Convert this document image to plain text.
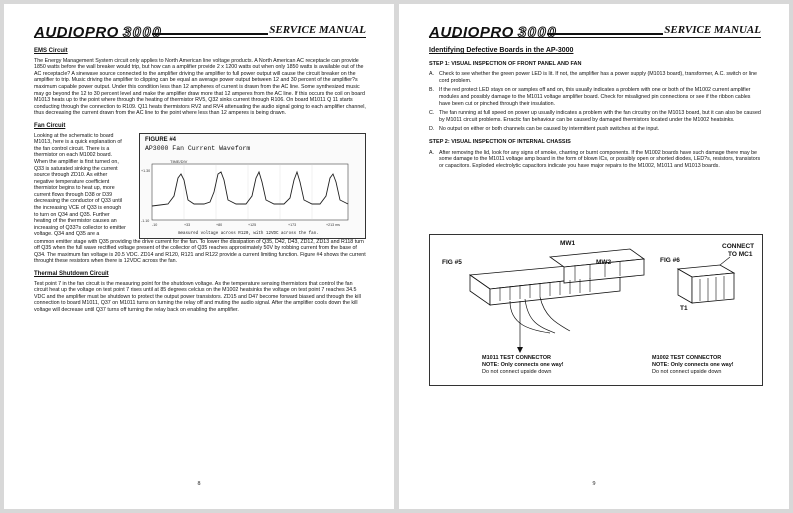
AUDIOPRO 3000	SERVICE MANUAL
EMS Circuit

The Energy Management System circuit only applies to North American line voltage products. A North American AC receptacle can provide 1850 watts before the wall breaker would trip, but how can a amplifier provide 2 x 1200 watts out when only 1850 watts is available out of the AC receptacle? A sinewave source connected to the amplifier driving the amplifier to full power output will cause the circuit breaker on the amplifier to trip. Music driving the amplifier to clipping can be equal an average power output between 12 and 30 percent of the amplifier?s maximum capable power output. Under this condition less than 12 ampheres of current is drawn from the AC line. Some synthesized music may go beyond the 12 to 30 percent level and make the amplifier draw more that 12 amperes from the AC line. If this occurs the coil on board M1013 heats up to the point where through the heating of thermistor RV5, Q32 sinks current through R106. On board M1011 Q 11 starts conducting through the connection to R109. Q11 heats thermistors RV2 and RV4 attenuating the audio signal going to each amplifier channel, thus decreasing the current drawn from the AC line to the point where less than 12 amperes is being drawn.

Fan Circuit
TIME/DIV
+1.30
-1.10
-10	+33	+80	+125	+173	+213 ms
measured voltage across R120, with 12VDC across the fan.
FIGURE #4
AP3000 Fan Current Waveform
Looking at the schematic to board M1013, here is a quick explanation of the fan control circuit. There is a thermistor on each M1002 board. When the amplifier is first turned on, Q33 is saturated sinking the current source through ZD10. As either negative temperature coefficient thermistor begins to heat up, more current flows through D38 or D39 decreasing the conductor of Q33 until the increasing VCE of Q33 is enough to turn on Q34 and Q35. Further heating of the thermistor causes an increasing of Q33?s collector to emitter voltage. Q34 and Q35 are a

common emitter stage with Q35 providing the drive current for the fan. To lower the dissipation of Q35, D42, D43, ZD12, ZD13 and R118 turn off Q35 when the full wave rectified voltage present of the collector of Q35 reaches approximately 50V by robbing current from the base of Q34. The maximum fan voltage is 20.5 VDC. ZD14 and R120, R121 and R122 provide a current limiting function. Figure #4 shows the current throught these resistors when there is 12VDC across the fan.

Thermal Shutdown Circuit

Test point 7 in the fan circuit is the measuring point for the shutdown voltage. As the temperature sensing thermistors that control the fan circuit heat up the voltage on test point 7 rises until at 85 degrees celcius on the M1002 heatsinks the voltage on test point 7 reaches 34.5 VDC and the amplifier must be shutdown to protect the output power transistors. ZD15 and D47 become forward biased and through the kill connection to board M1011, Q37 on M1011 turns on turning the relay off and muting the audio signal. After the amplifier cools down the kill voltage will decrease until Q37 turns off turning the relay back on enabling the amplifier.

8
AUDIOPRO 3000	SERVICE MANUAL
Identifying Defective Boards in the AP-3000
STEP 1: VISUAL INSPECTION OF FRONT PANEL AND FAN
A. Check to see whether the green power LED is lit. If not, the amplifier has a power supply (M1013 board), transformer, A.C. switch or line cord problem.
B. If the red protect LED stays on or samples off and on, this usually indicates a problem with one or both of the M1002 current amplifier modules and possibly damage to the M1011 voltage amplifier board. Check for misaligned pin connections or see if the ribbon cables have been cut or pinched through their insulation.
C. The fan running at full speed on power up usually indicates a problem with the fan circuitry on the M1013 board, but it can also be caused by M1011 circuit problems. Erractic fan behaviour can be caused by damaged thermistors located under the M1002 heatsinks.
D. No output on either or both channels can be caused by intermittent push switches at the input.
STEP 2: VISUAL INSPECTION OF INTERNAL CHASSIS
A. After removing the lid, look for any signs of smoke, charring or burnt components. If the M1002 boards have such damage there may be some damage to the M1011 voltage amp board in the form of blown ICs, or possibly open or shorted diodes, LED?s, resistors, transistors or capacitors. Exploded electrolytic capacitors indicate you have major repairs to the M1002, M1011 and M1013 boards.
FIG #5
MW1
MW2	FIG #6
CONNECT
TO MC1
T1
M1011 TEST CONNECTOR
NOTE: Only connects one way!
Do not connect upside down
M1002 TEST CONNECTOR
NOTE: Only connects one way!
Do not connect upside down
9
